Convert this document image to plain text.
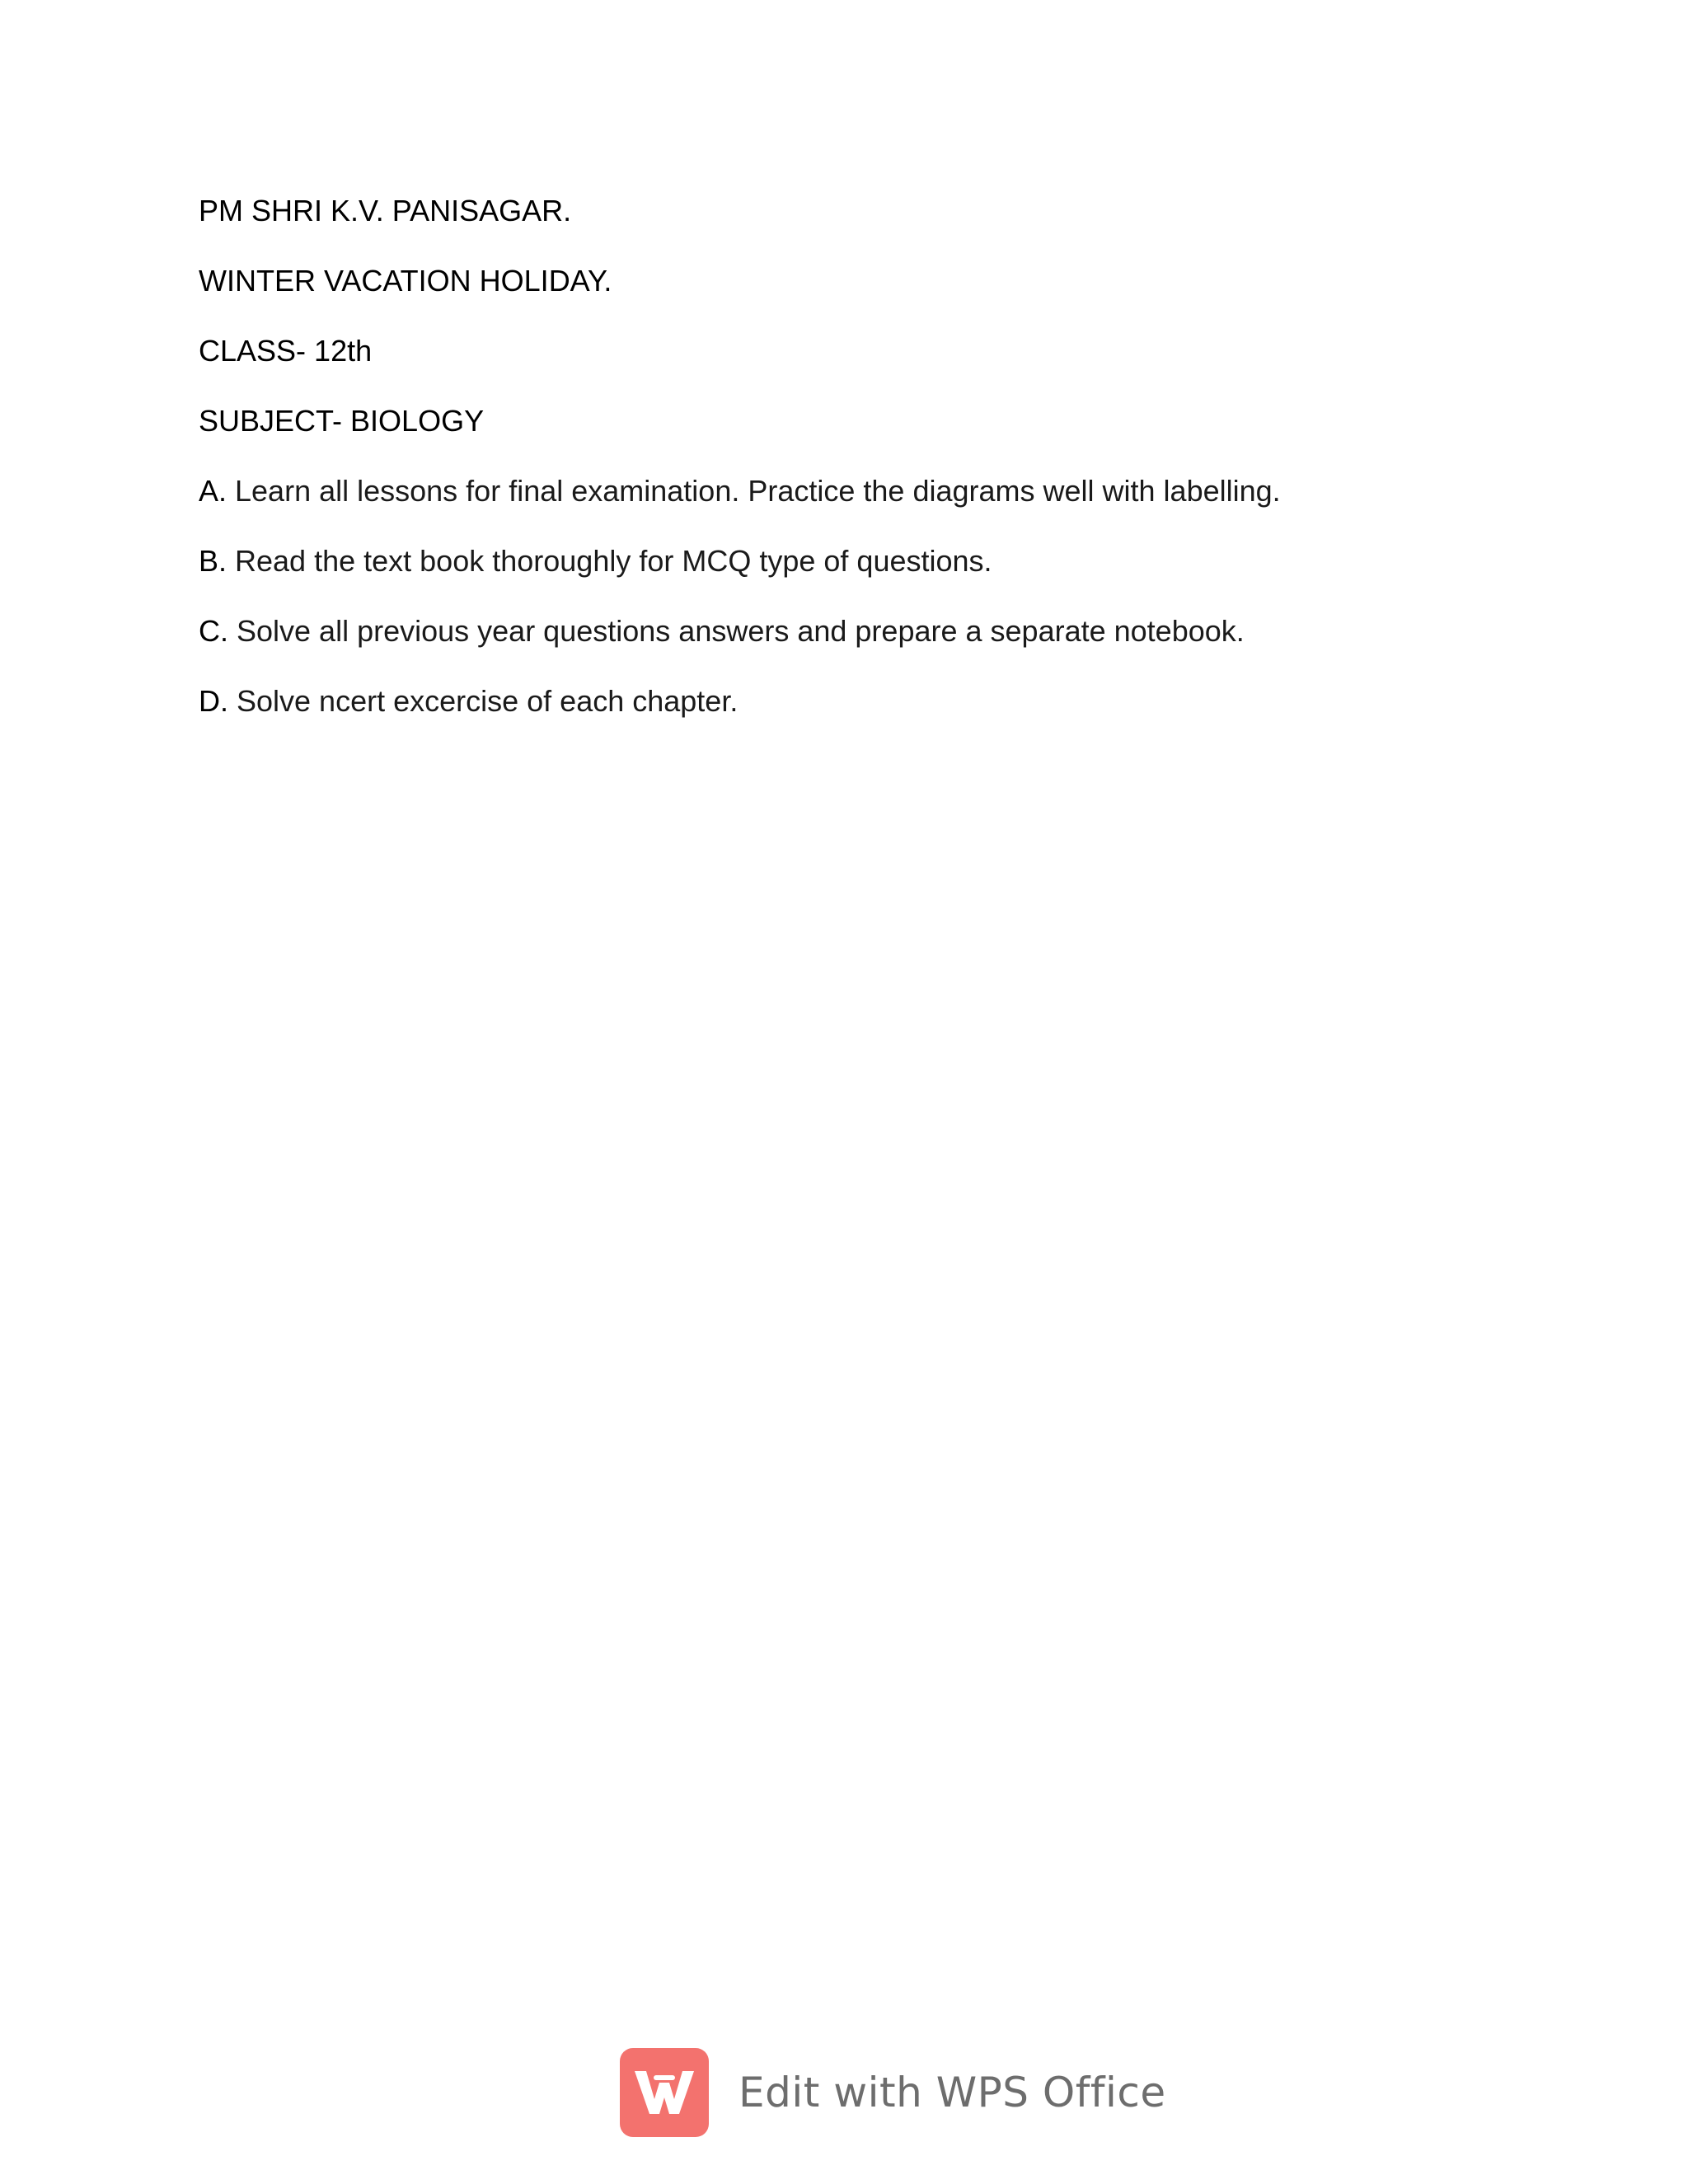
PM SHRI K.V. PANISAGAR.
WINTER VACATION HOLIDAY.
CLASS- 12th
SUBJECT- BIOLOGY
A. Learn all lessons for final examination. Practice the diagrams well with labelling.
B. Read the text book thoroughly for MCQ type of questions.
C. Solve all previous year questions answers and prepare a separate notebook.
D. Solve ncert excercise of each chapter.
Edit with WPS Office
